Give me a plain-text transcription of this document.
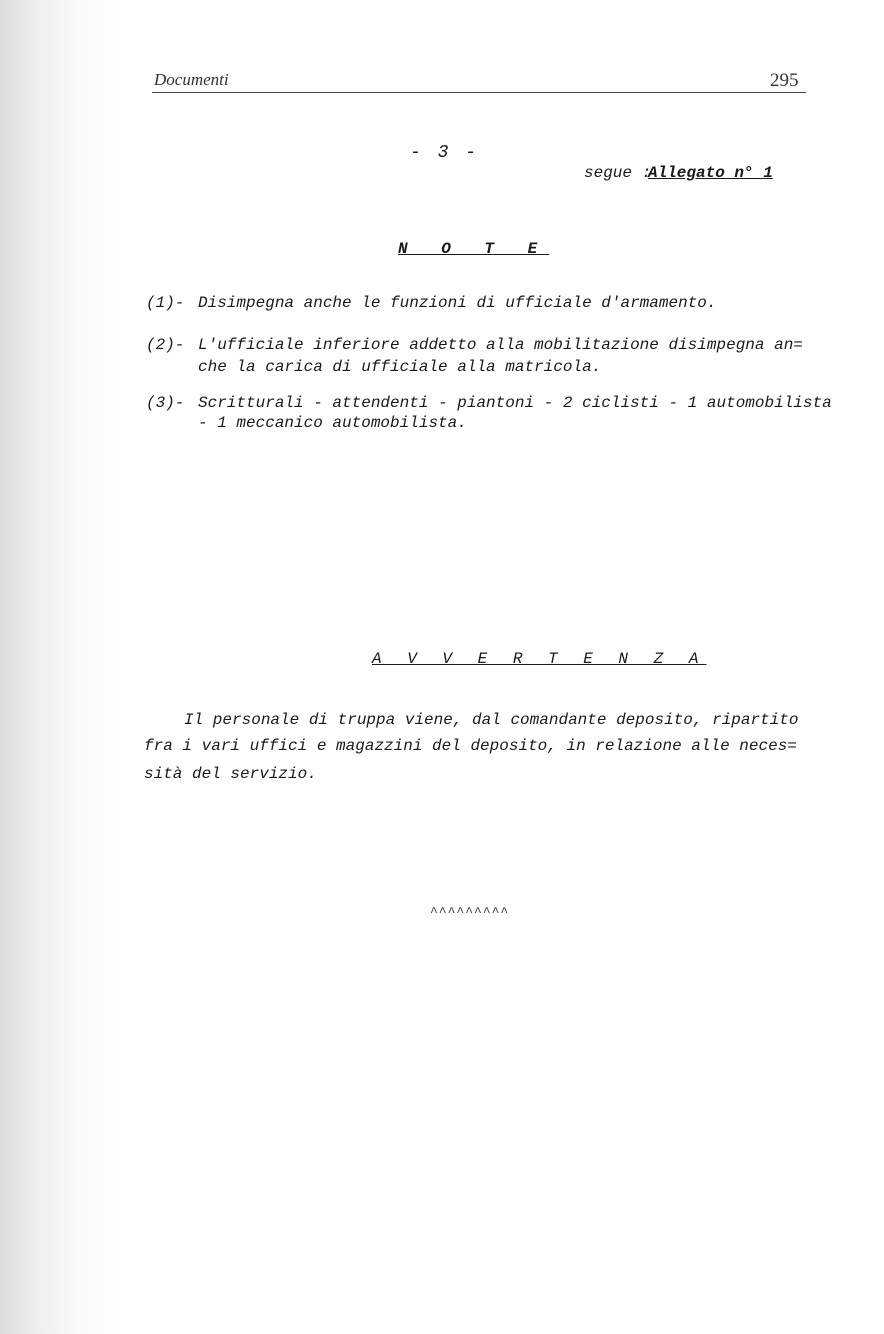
Documenti	295
- 3 -
segue :
Allegato n° 1
N O T E
(1)- Disimpegna anche le funzioni di ufficiale d'armamento.
(2)- L'ufficiale inferiore addetto alla mobilitazione disimpegna an=
che la carica di ufficiale alla matricola.
(3)- Scritturali - attendenti - piantoni - 2 ciclisti - 1 automobilista
- 1 meccanico automobilista.
A V V E R T E N Z A
Il personale di truppa viene, dal comandante deposito, ripartito
fra i vari uffici e magazzini del deposito, in relazione alle neces=
sità del servizio.
^^^^^^^^^
